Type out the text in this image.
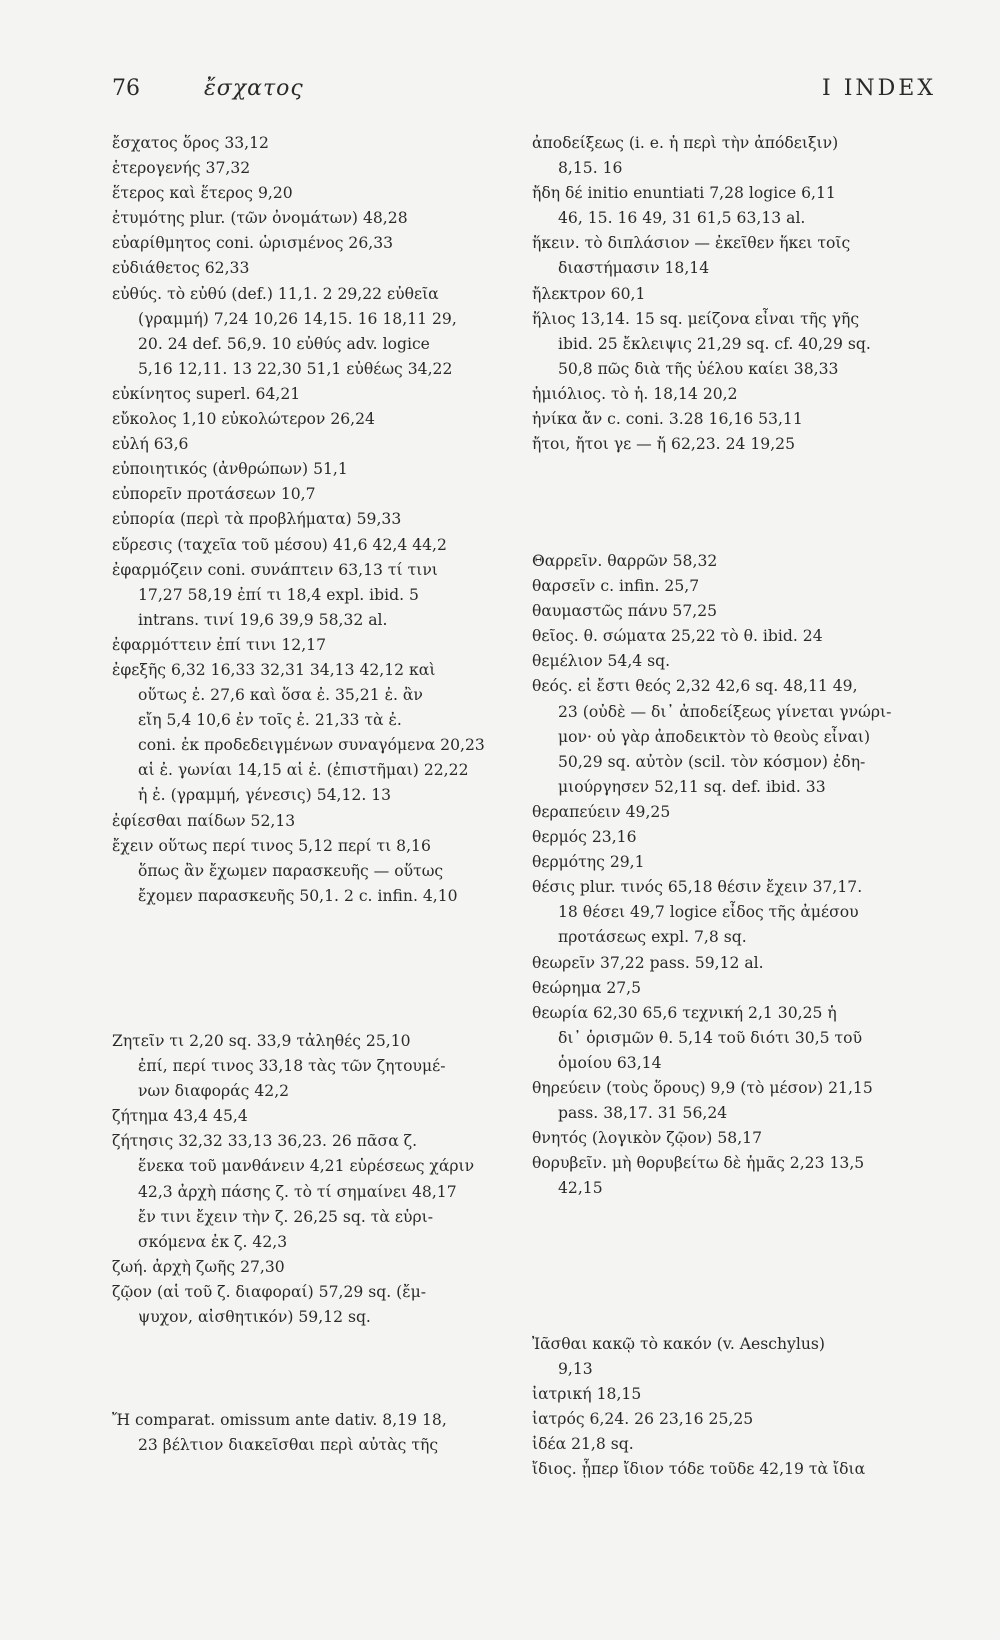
76	ἔσχατος	I INDEX
ἔσχατος ὅρος 33,12
ἑτερογενής 37,32
ἕτερος καὶ ἕτερος 9,20
ἐτυμότης plur. (τῶν ὀνομάτων) 48,28
εὐαρίθμητος coni. ὡρισμένος 26,33
εὐδιάθετος 62,33
εὐθύς. τὸ εὐθύ (def.) 11,1. 2 29,22 εὐθεῖα
(γραμμή) 7,24 10,26 14,15. 16 18,11 29,
20. 24 def. 56,9. 10 εὐθύς adv. logice
5,16 12,11. 13 22,30 51,1 εὐθέως 34,22
εὐκίνητος superl. 64,21
εὔκολος 1,10 εὐκολώτερον 26,24
εὐλή 63,6
εὐποιητικός (ἀνθρώπων) 51,1
εὐπορεῖν προτάσεων 10,7
εὐπορία (περὶ τὰ προβλήματα) 59,33
εὕρεσις (ταχεῖα τοῦ μέσου) 41,6 42,4 44,2
ἐφαρμόζειν coni. συνάπτειν 63,13 τί τινι
17,27 58,19 ἐπί τι 18,4 expl. ibid. 5
intrans. τινί 19,6 39,9 58,32 al.
ἐφαρμόττειν ἐπί τινι 12,17
ἐφεξῆς 6,32 16,33 32,31 34,13 42,12 καὶ
οὕτως ἐ. 27,6 καὶ ὅσα ἐ. 35,21 ἐ. ἂν
εἴη 5,4 10,6 ἐν τοῖς ἐ. 21,33 τὰ ἐ.
coni. ἐκ προδεδειγμένων συναγόμενα 20,23
αἱ ἐ. γωνίαι 14,15 αἱ ἐ. (ἐπιστῆμαι) 22,22
ἡ ἐ. (γραμμή, γένεσις) 54,12. 13
ἐφίεσθαι παίδων 52,13
ἔχειν οὕτως περί τινος 5,12 περί τι 8,16
ὅπως ἂν ἔχωμεν παρασκευῆς — οὕτως
ἔχομεν παρασκευῆς 50,1. 2 c. infin. 4,10
Ζητεῖν τι 2,20 sq. 33,9 τἀληθές 25,10
ἐπί, περί τινος 33,18 τὰς τῶν ζητουμέ-
νων διαφοράς 42,2
ζήτημα 43,4 45,4
ζήτησις 32,32 33,13 36,23. 26 πᾶσα ζ.
ἕνεκα τοῦ μανθάνειν 4,21 εὑρέσεως χάριν
42,3 ἀρχὴ πάσης ζ. τὸ τί σημαίνει 48,17
ἔν τινι ἔχειν τὴν ζ. 26,25 sq. τὰ εὑρι-
σκόμενα ἐκ ζ. 42,3
ζωή. ἀρχὴ ζωῆς 27,30
ζῷον (αἱ τοῦ ζ. διαφοραί) 57,29 sq. (ἔμ-
ψυχον, αἰσθητικόν) 59,12 sq.
Ἤ comparat. omissum ante dativ. 8,19 18,
23 βέλτιον διακεῖσθαι περὶ αὐτὰς τῆς
ἀποδείξεως (i. e. ἡ περὶ τὴν ἀπόδειξιν)
8,15. 16
ἤδη δέ initio enuntiati 7,28 logice 6,11
46, 15. 16 49, 31 61,5 63,13 al.
ἥκειν. τὸ διπλάσιον — ἐκεῖθεν ἥκει τοῖς
διαστήμασιν 18,14
ἤλεκτρον 60,1
ἥλιος 13,14. 15 sq. μείζονα εἶναι τῆς γῆς
ibid. 25 ἔκλειψις 21,29 sq. cf. 40,29 sq.
50,8 πῶς διὰ τῆς ὑέλου καίει 38,33
ἡμιόλιος. τὸ ἡ. 18,14 20,2
ἡνίκα ἄν c. coni. 3.28 16,16 53,11
ἤτοι, ἤτοι γε — ἤ 62,23. 24 19,25
Θαρρεῖν. θαρρῶν 58,32
θαρσεῖν c. infin. 25,7
θαυμαστῶς πάνυ 57,25
θεῖος. θ. σώματα 25,22 τὸ θ. ibid. 24
θεμέλιον 54,4 sq.
θεός. εἰ ἔστι θεός 2,32 42,6 sq. 48,11 49,
23 (οὐδὲ — δι᾽ ἀποδείξεως γίνεται γνώρι-
μον· οὐ γὰρ ἀποδεικτὸν τὸ θεοὺς εἶναι)
50,29 sq. αὐτὸν (scil. τὸν κόσμον) ἐδη-
μιούργησεν 52,11 sq. def. ibid. 33
θεραπεύειν 49,25
θερμός 23,16
θερμότης 29,1
θέσις plur. τινός 65,18 θέσιν ἔχειν 37,17.
18 θέσει 49,7 logice εἶδος τῆς ἀμέσου
προτάσεως expl. 7,8 sq.
θεωρεῖν 37,22 pass. 59,12 al.
θεώρημα 27,5
θεωρία 62,30 65,6 τεχνική 2,1 30,25 ἡ
δι᾽ ὁρισμῶν θ. 5,14 τοῦ διότι 30,5 τοῦ
ὁμοίου 63,14
θηρεύειν (τοὺς ὅρους) 9,9 (τὸ μέσον) 21,15
pass. 38,17. 31 56,24
θνητός (λογικὸν ζῷον) 58,17
θορυβεῖν. μὴ θορυβείτω δὲ ἡμᾶς 2,23 13,5
42,15
Ἰᾶσθαι κακῷ τὸ κακόν (v. Aeschylus)
9,13
ἰατρική 18,15
ἰατρός 6,24. 26 23,16 25,25
ἰδέα 21,8 sq.
ἴδιος. ᾗπερ ἴδιον τόδε τοῦδε 42,19 τὰ ἴδια
